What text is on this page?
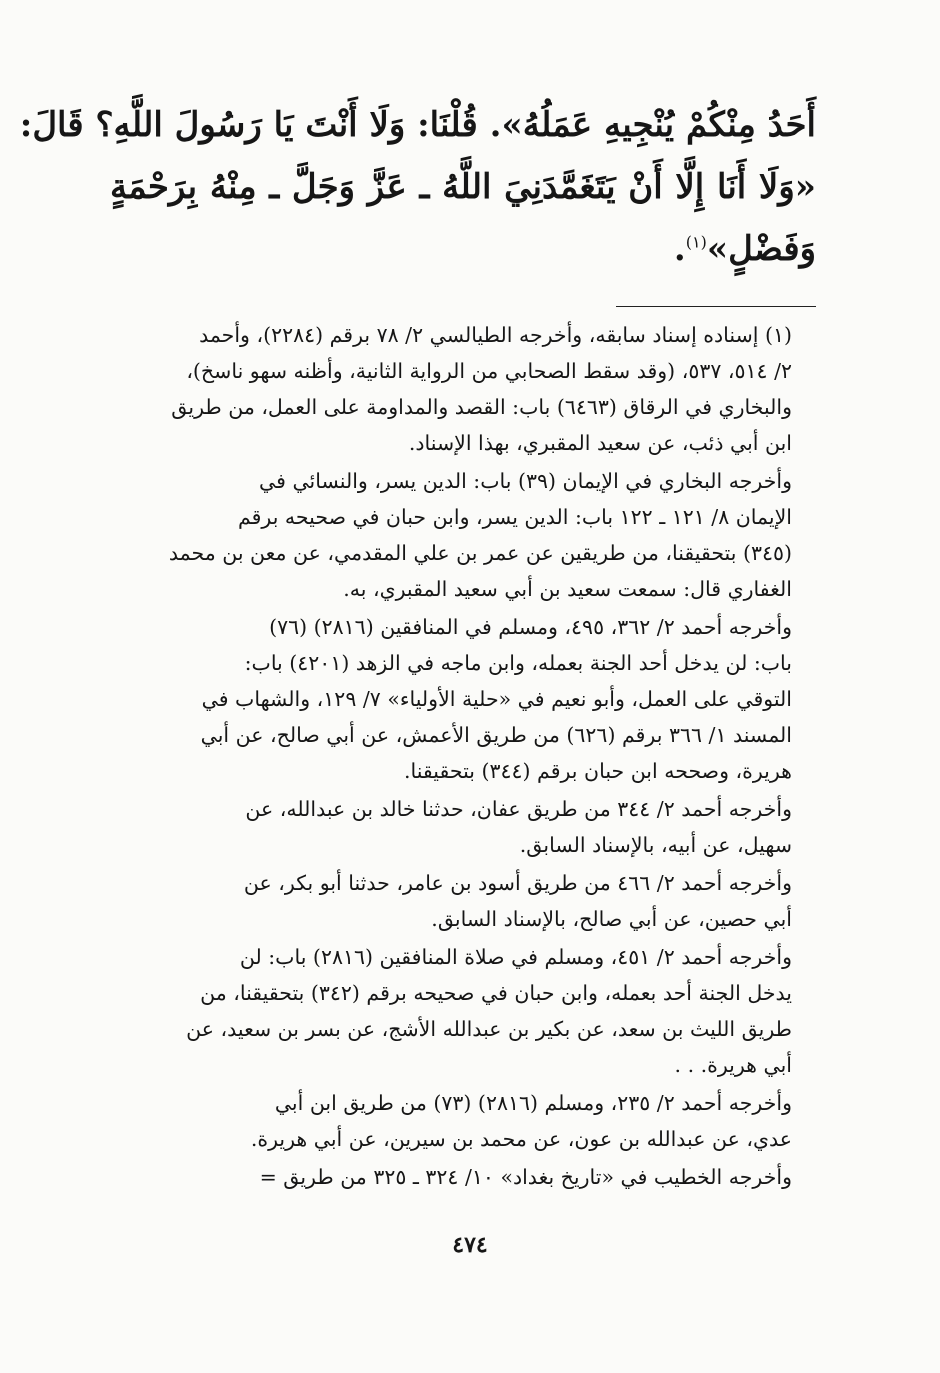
أَحَدُ مِنْكُمْ يُنْجِيهِ عَمَلُهُ». قُلْنَا: وَلَا أَنْتَ يَا رَسُولَ اللَّهِ؟ قَالَ:
«وَلَا أَنَا إِلَّا أَنْ يَتَغَمَّدَنِيَ اللَّهُ ـ عَزَّ وَجَلَّ ـ مِنْهُ بِرَحْمَةٍ
وَفَضْلٍ»$^{(١)}$.

(١) إسناده إسناد سابقه، وأخرجه الطيالسي ٢/ ٧٨ برقم (٢٢٨٤)، وأحمد
٢/ ٥١٤، ٥٣٧، (وقد سقط الصحابي من الرواية الثانية، وأظنه سهو ناسخ)،
والبخاري في الرقاق (٦٤٦٣) باب: القصد والمداومة على العمل، من طريق
ابن أبي ذئب، عن سعيد المقبري، بهذا الإسناد.

وأخرجه البخاري في الإيمان (٣٩) باب: الدين يسر، والنسائي في
الإيمان ٨/ ١٢١ ـ ١٢٢ باب: الدين يسر، وابن حبان في صحيحه برقم
(٣٤٥) بتحقيقنا، من طريقين عن عمر بن علي المقدمي، عن معن بن محمد
الغفاري قال: سمعت سعيد بن أبي سعيد المقبري، به.

وأخرجه أحمد ٢/ ٣٦٢، ٤٩٥، ومسلم في المنافقين (٢٨١٦) (٧٦)
باب: لن يدخل أحد الجنة بعمله، وابن ماجه في الزهد (٤٢٠١) باب:
التوقي على العمل، وأبو نعيم في «حلية الأولياء» ٧/ ١٢٩، والشهاب في
المسند ١/ ٣٦٦ برقم (٦٢٦) من طريق الأعمش، عن أبي صالح، عن أبي
هريرة، وصححه ابن حبان برقم (٣٤٤) بتحقيقنا.

وأخرجه أحمد ٢/ ٣٤٤ من طريق عفان، حدثنا خالد بن عبدالله، عن
سهيل، عن أبيه، بالإسناد السابق.

وأخرجه أحمد ٢/ ٤٦٦ من طريق أسود بن عامر، حدثنا أبو بكر، عن
أبي حصين، عن أبي صالح، بالإسناد السابق.

وأخرجه أحمد ٢/ ٤٥١، ومسلم في صلاة المنافقين (٢٨١٦) باب: لن
يدخل الجنة أحد بعمله، وابن حبان في صحيحه برقم (٣٤٢) بتحقيقنا، من
طريق الليث بن سعد، عن بكير بن عبدالله الأشج، عن بسر بن سعيد، عن
أبي هريرة. . .

وأخرجه أحمد ٢/ ٢٣٥، ومسلم (٢٨١٦) (٧٣) من طريق ابن أبي
عدي، عن عبدالله بن عون، عن محمد بن سيرين، عن أبي هريرة.

وأخرجه الخطيب في «تاريخ بغداد» ١٠/ ٣٢٤ ـ ٣٢٥ من طريق =

٤٧٤
